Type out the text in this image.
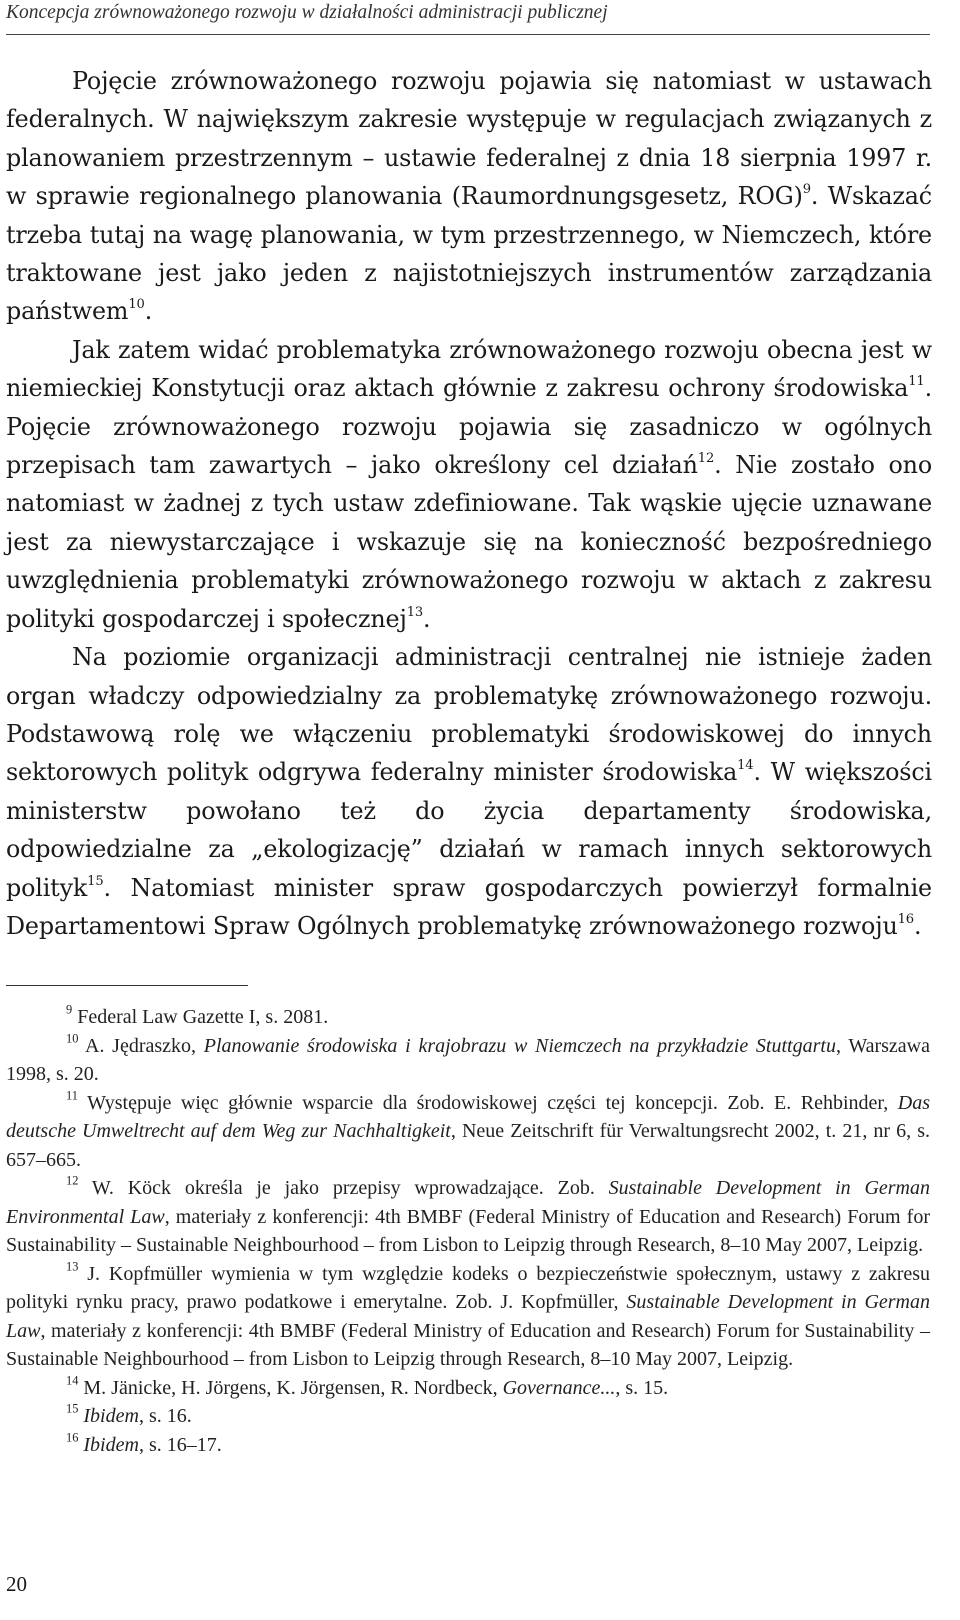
Koncepcja zrównoważonego rozwoju w działalności administracji publicznej

Pojęcie zrównoważonego rozwoju pojawia się natomiast w ustawach federalnych. W największym zakresie występuje w regulacjach związanych z planowaniem przestrzennym – ustawie federalnej z dnia 18 sierpnia 1997 r. w sprawie regionalnego planowania (Raumordnungsgesetz, ROG)$^9$. Wskazać trzeba tutaj na wagę planowania, w tym przestrzennego, w Niemczech, które traktowane jest jako jeden z najistotniejszych instrumentów zarządzania państwem$^{10}$.

Jak zatem widać problematyka zrównoważonego rozwoju obecna jest w niemieckiej Konstytucji oraz aktach głównie z zakresu ochrony środowiska$^{11}$. Pojęcie zrównoważonego rozwoju pojawia się zasadniczo w ogólnych przepisach tam zawartych – jako określony cel działań$^{12}$. Nie zostało ono natomiast w żadnej z tych ustaw zdefiniowane. Tak wąskie ujęcie uznawane jest za niewystarczające i wskazuje się na konieczność bezpośredniego uwzględnienia problematyki zrównoważonego rozwoju w aktach z zakresu polityki gospodarczej i społecznej$^{13}$.

Na poziomie organizacji administracji centralnej nie istnieje żaden organ władczy odpowiedzialny za problematykę zrównoważonego rozwoju. Podstawową rolę we włączeniu problematyki środowiskowej do innych sektorowych polityk odgrywa federalny minister środowiska$^{14}$. W większości ministerstw powołano też do życia departamenty środowiska, odpowiedzialne za „ekologizację” działań w ramach innych sektorowych polityk$^{15}$. Natomiast minister spraw gospodarczych powierzył formalnie Departamentowi Spraw Ogólnych problematykę zrównoważonego rozwoju$^{16}$.

$^9$ Federal Law Gazette I, s. 2081.

$^{10}$ A. Jędraszko, Planowanie środowiska i krajobrazu w Niemczech na przykładzie Stuttgartu, Warszawa 1998, s. 20.

$^{11}$ Występuje więc głównie wsparcie dla środowiskowej części tej koncepcji. Zob. E. Rehbinder, Das deutsche Umweltrecht auf dem Weg zur Nachhaltigkeit, Neue Zeitschrift für Verwaltungsrecht 2002, t. 21, nr 6, s. 657–665.

$^{12}$ W. Köck określa je jako przepisy wprowadzające. Zob. Sustainable Development in German Environmental Law, materiały z konferencji: 4th BMBF (Federal Ministry of Education and Research) Forum for Sustainability – Sustainable Neighbourhood – from Lisbon to Leipzig through Research, 8–10 May 2007, Leipzig.

$^{13}$ J. Kopfmüller wymienia w tym względzie kodeks o bezpieczeństwie społecznym, ustawy z zakresu polityki rynku pracy, prawo podatkowe i emerytalne. Zob. J. Kopfmüller, Sustainable Development in German Law, materiały z konferencji: 4th BMBF (Federal Ministry of Education and Research) Forum for Sustainability – Sustainable Neighbourhood – from Lisbon to Leipzig through Research, 8–10 May 2007, Leipzig.

$^{14}$ M. Jänicke, H. Jörgens, K. Jörgensen, R. Nordbeck, Governance..., s. 15.

$^{15}$ Ibidem, s. 16.

$^{16}$ Ibidem, s. 16–17.

20
